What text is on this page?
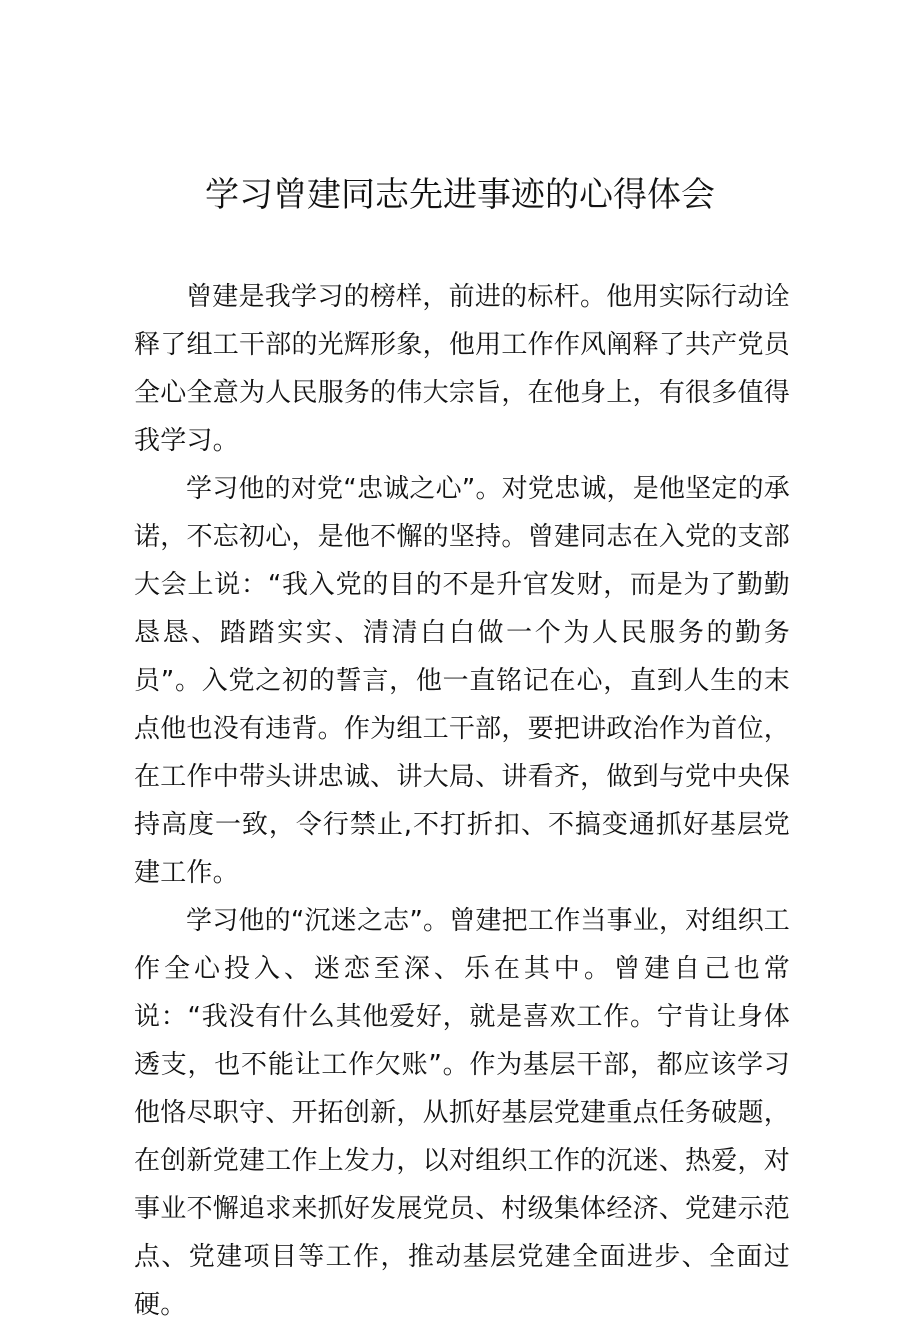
学习曾建同志先进事迹的心得体会

曾建是我学习的榜样，前进的标杆。他用实际行动诠释了组工干部的光辉形象，他用工作作风阐释了共产党员全心全意为人民服务的伟大宗旨，在他身上，有很多值得我学习。

学习他的对党“忠诚之心”。对党忠诚，是他坚定的承诺，不忘初心，是他不懈的坚持。曾建同志在入党的支部大会上说：“我入党的目的不是升官发财，而是为了勤勤恳恳、踏踏实实、清清白白做一个为人民服务的勤务员”。入党之初的誓言，他一直铭记在心，直到人生的末点他也没有违背。作为组工干部，要把讲政治作为首位，在工作中带头讲忠诚、讲大局、讲看齐，做到与党中央保持高度一致，令行禁止,不打折扣、不搞变通抓好基层党建工作。

学习他的“沉迷之志”。曾建把工作当事业，对组织工作全心投入、迷恋至深、乐在其中。曾建自己也常说：“我没有什么其他爱好，就是喜欢工作。宁肯让身体透支，也不能让工作欠账”。作为基层干部，都应该学习他恪尽职守、开拓创新，从抓好基层党建重点任务破题，在创新党建工作上发力，以对组织工作的沉迷、热爱，对事业不懈追求来抓好发展党员、村级集体经济、党建示范点、党建项目等工作，推动基层党建全面进步、全面过硬。
